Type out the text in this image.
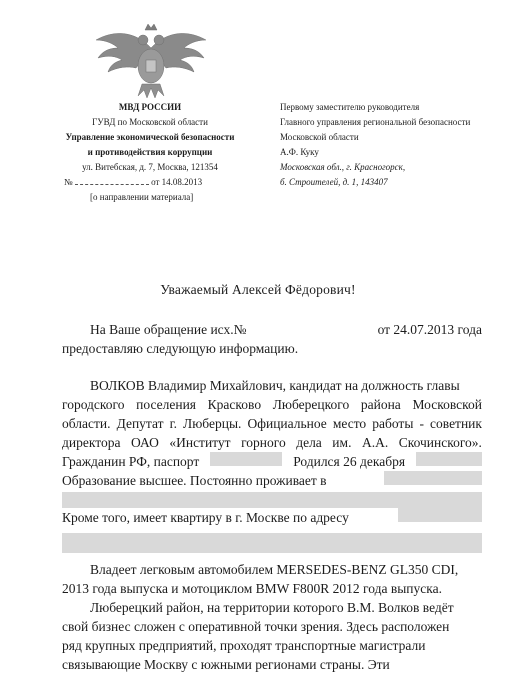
МВД РОССИИ
ГУВД по Московской области
Управление экономической безопасности
и противодействия коррупции
ул. Витебская, д. 7, Москва, 121354
№	от 14.08.2013
[о направлении материала]
Первому заместителю руководителя
Главного управления региональной безопасности
Московской области
А.Ф. Куку
Московская обл., г. Красногорск,
б. Строителей, д. 1, 143407
Уважаемый Алексей Фёдорович!
На Ваше обращение исх.№	от 24.07.2013 года
предоставляю следующую информацию.
ВОЛКОВ Владимир Михайлович, кандидат на должность главы
городского поселения Красково Люберецкого района Московской
области. Депутат г. Люберцы. Официальное место работы - советник
директора ОАО «Институт горного дела им. А.А. Скочинского».
Гражданин РФ, паспорт	Родился 26 декабря
Образование высшее. Постоянно проживает в
Кроме того, имеет квартиру в г. Москве по адресу
Владеет легковым автомобилем MERSEDES-BENZ GL350 CDI,
2013 года выпуска и мотоциклом BMW F800R 2012 года выпуска.
Люберецкий район, на территории которого В.М. Волков ведёт
свой бизнес сложен с оперативной точки зрения. Здесь расположен
ряд крупных предприятий, проходят транспортные магистрали
связывающие Москву с южными регионами страны. Эти
